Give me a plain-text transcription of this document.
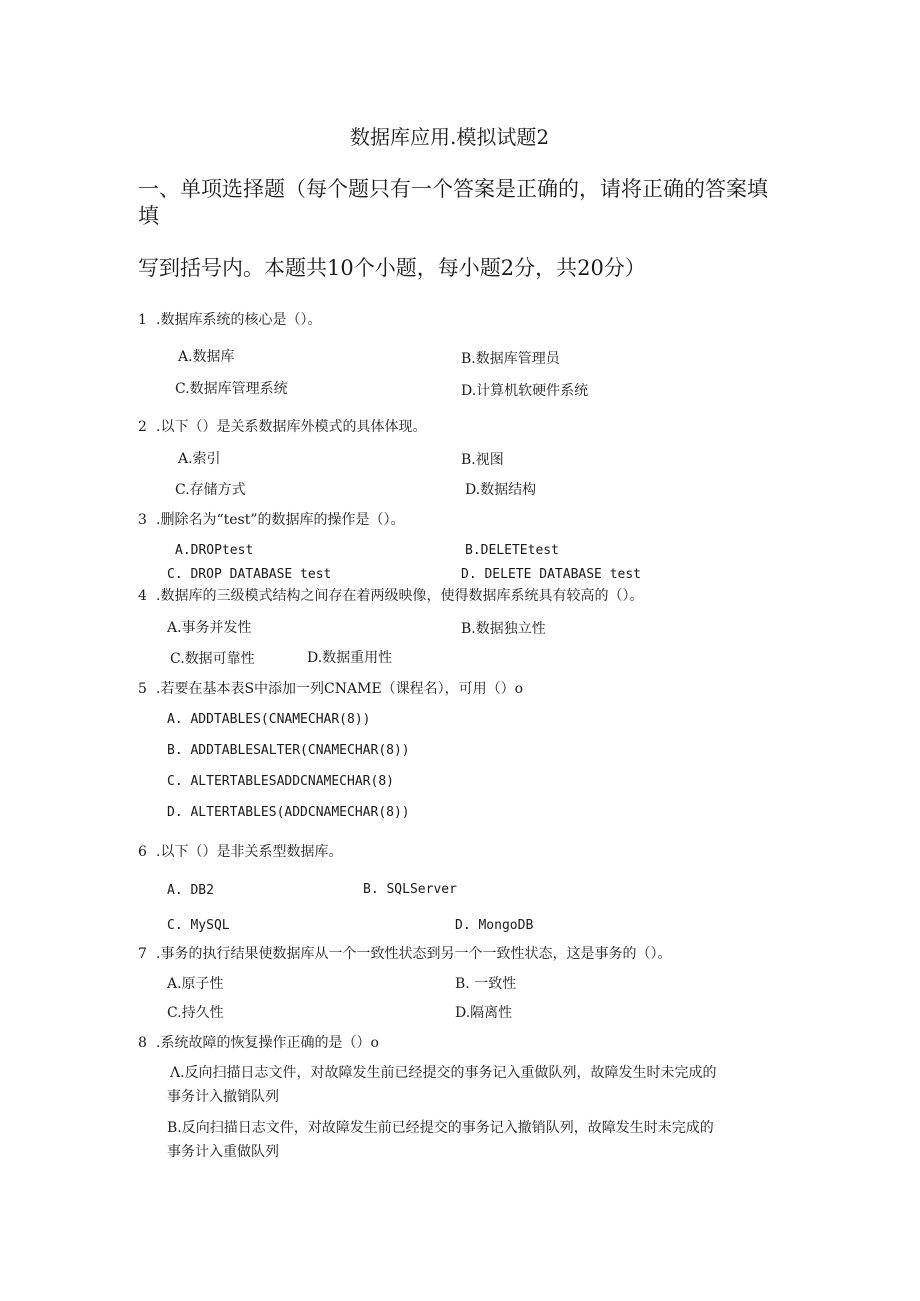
数据库应用.模拟试题2
一、单项选择题（每个题只有一个答案是正确的，请将正确的答案填
填
写到括号内。本题共10个小题，每小题2分，共20分）
1 .数据库系统的核心是（）。
A.数据库	B.数据库管理员
C.数据库管理系统	D.计算机软硬件系统
2 .以下（）是关系数据库外模式的具体体现。
A.索引	B.视图
C.存储方式	D.数据结构
3 .删除名为“test”的数据库的操作是（）。
A.DROPtest	B.DELETEtest
C. DROP DATABASE test	D. DELETE DATABASE test
4 .数据库的三级模式结构之间存在着两级映像，使得数据库系统具有较高的（）。
A.事务并发性	B.数据独立性
C.数据可靠性	D.数据重用性
5 .若要在基本表S中添加一列CNAME（课程名），可用（）o
A. ADDTABLES(CNAMECHAR(8))
B. ADDTABLESALTER(CNAMECHAR(8))
C. ALTERTABLESADDCNAMECHAR(8)
D. ALTERTABLES(ADDCNAMECHAR(8))
6 .以下（）是非关系型数据库。
A. DB2	B. SQLServer
C. MySQL	D. MongoDB
7 .事务的执行结果使数据库从一个一致性状态到另一个一致性状态，这是事务的（）。
A.原子性	B. 一致性
C.持久性	D.隔离性
8 .系统故障的恢复操作正确的是（）o
Λ.反向扫描日志文件，对故障发生前已经提交的事务记入重做队列，故障发生时未完成的
事务计入撤销队列
B.反向扫描日志文件，对故障发生前已经提交的事务记入撤销队列，故障发生时未完成的
事务计入重做队列
